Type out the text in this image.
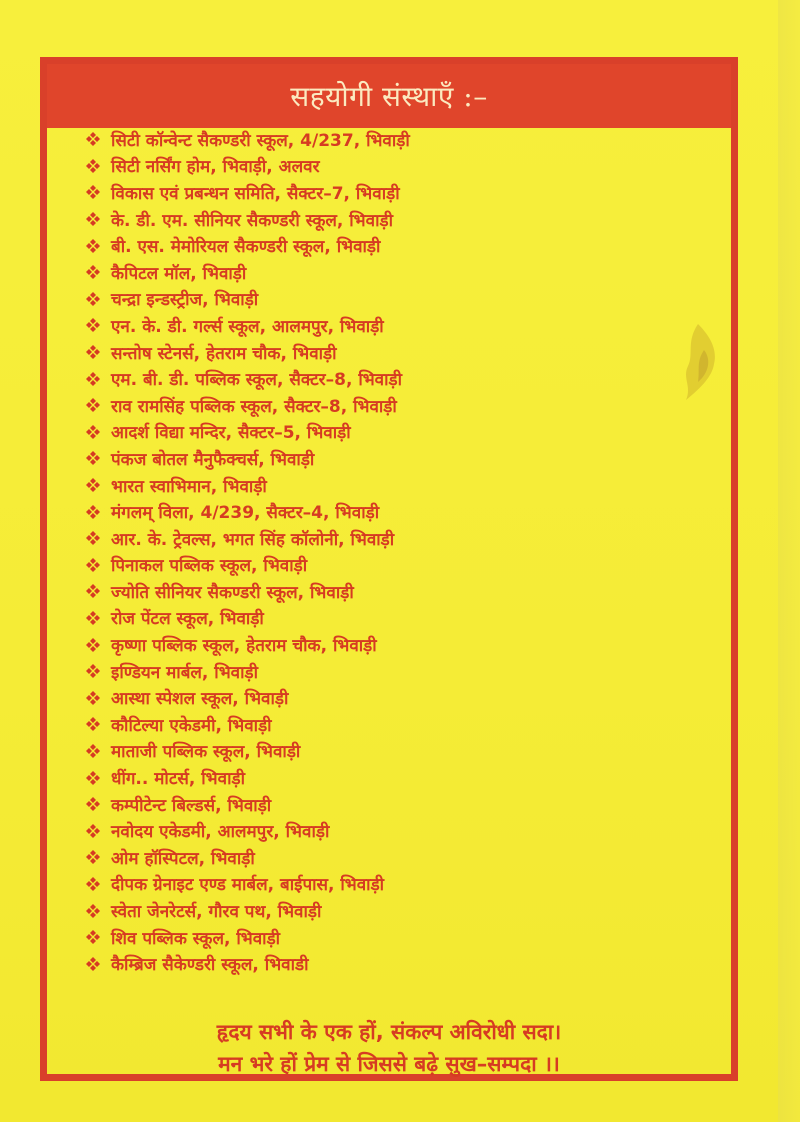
सहयोगी संस्थाएँ :–
सिटी कॉन्वेन्ट सैकण्डरी स्कूल, 4/237, भिवाड़ी
सिटी नर्सिंग होम, भिवाड़ी, अलवर
विकास एवं प्रबन्धन समिति, सैक्टर–7, भिवाड़ी
के. डी. एम. सीनियर सैकण्डरी स्कूल, भिवाड़ी
बी. एस. मेमोरियल सैकण्डरी स्कूल, भिवाड़ी
कैपिटल मॉल, भिवाड़ी
चन्द्रा इन्डस्ट्रीज, भिवाड़ी
एन. के. डी. गर्ल्स स्कूल, आलमपुर, भिवाड़ी
सन्तोष स्टेनर्स, हेतराम चौक, भिवाड़ी
एम. बी. डी. पब्लिक स्कूल, सैक्टर–8, भिवाड़ी
राव रामसिंह पब्लिक स्कूल, सैक्टर–8, भिवाड़ी
आदर्श विद्या मन्दिर, सैक्टर–5, भिवाड़ी
पंकज बोतल मैनुफैक्चर्स, भिवाड़ी
भारत स्वाभिमान, भिवाड़ी
मंगलम् विला, 4/239, सैक्टर–4, भिवाड़ी
आर. के. ट्रेवल्स, भगत सिंह कॉलोनी, भिवाड़ी
पिनाकल पब्लिक स्कूल, भिवाड़ी
ज्योति सीनियर सैकण्डरी स्कूल, भिवाड़ी
रोज पेंटल स्कूल, भिवाड़ी
कृष्णा पब्लिक स्कूल, हेतराम चौक, भिवाड़ी
इण्डियन मार्बल, भिवाड़ी
आस्था स्पेशल स्कूल, भिवाड़ी
कौटिल्या एकेडमी, भिवाड़ी
माताजी पब्लिक स्कूल, भिवाड़ी
धींग.. मोटर्स, भिवाड़ी
कम्पीटेन्ट बिल्डर्स, भिवाड़ी
नवोदय एकेडमी, आलमपुर, भिवाड़ी
ओम हॉस्पिटल, भिवाड़ी
दीपक ग्रेनाइट एण्ड मार्बल, बाईपास, भिवाड़ी
स्वेता जेनरेटर्स, गौरव पथ, भिवाड़ी
शिव पब्लिक स्कूल, भिवाड़ी
कैम्ब्रिज सैकेण्डरी स्कूल, भिवाडी
हृदय सभी के एक हों, संकल्प अविरोधी सदा।
मन भरे हों प्रेम से जिससे बढ़े सुख–सम्पदा ।।
